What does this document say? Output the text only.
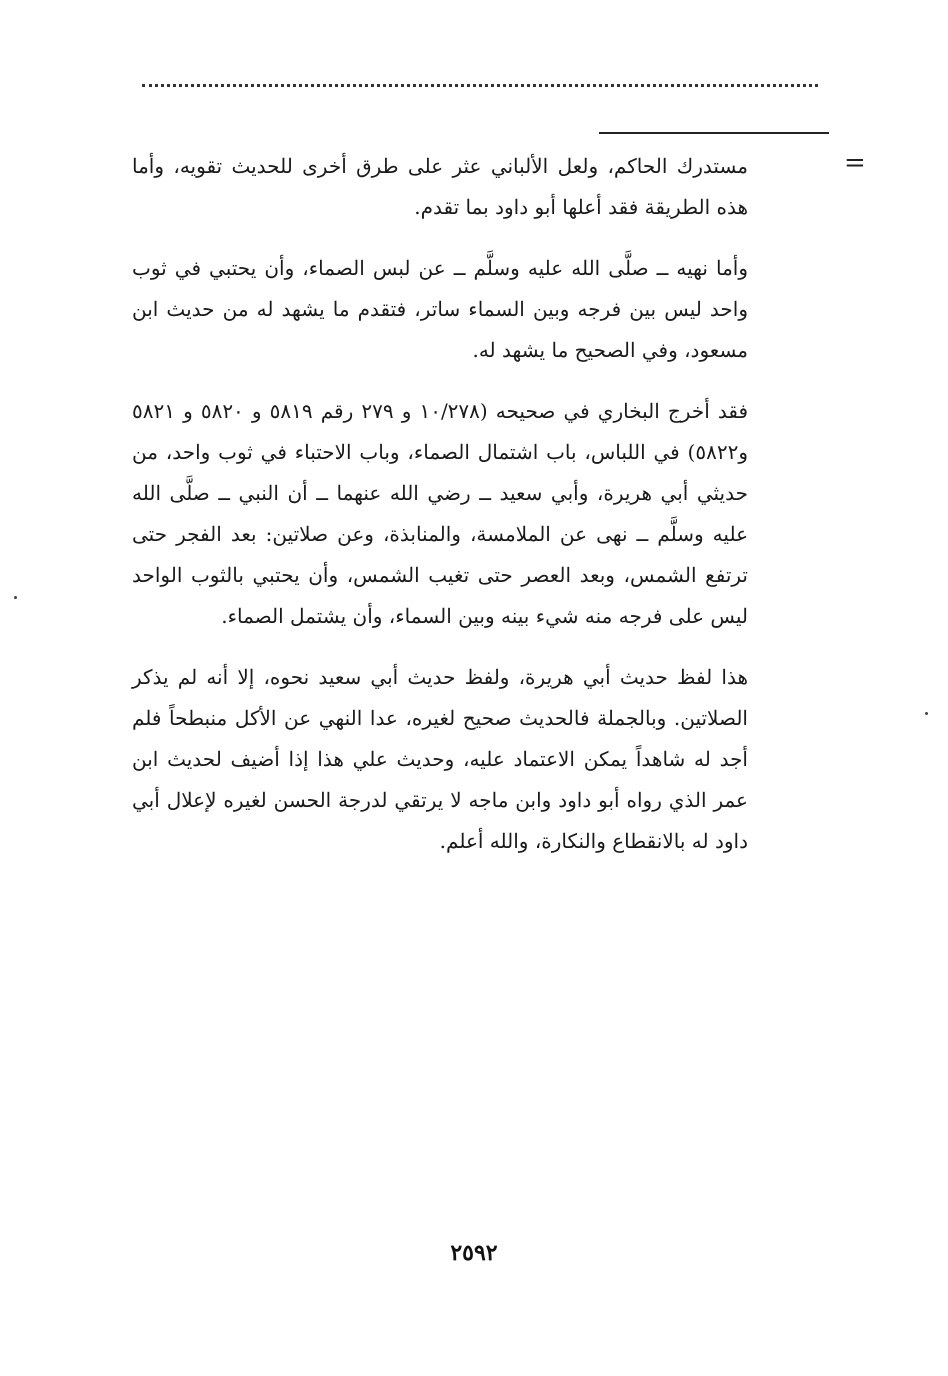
=

مستدرك الحاكم، ولعل الألباني عثر على طرق أخرى للحديث تقويه، وأما هذه الطريقة فقد أعلها أبو داود بما تقدم.

وأما نهيه ــ صلَّى الله عليه وسلَّم ــ عن لبس الصماء، وأن يحتبي في ثوب واحد ليس بين فرجه وبين السماء ساتر، فتقدم ما يشهد له من حديث ابن مسعود، وفي الصحيح ما يشهد له.

فقد أخرج البخاري في صحيحه (١٠/٢٧٨ و ٢٧٩ رقم ٥٨١٩ و ٥٨٢٠ و ٥٨٢١ و٥٨٢٢) في اللباس، باب اشتمال الصماء، وباب الاحتباء في ثوب واحد، من حديثي أبي هريرة، وأبي سعيد ــ رضي الله عنهما ــ أن النبي ــ صلَّى الله عليه وسلَّم ــ نهى عن الملامسة، والمنابذة، وعن صلاتين: بعد الفجر حتى ترتفع الشمس، وبعد العصر حتى تغيب الشمس، وأن يحتبي بالثوب الواحد ليس على فرجه منه شيء بينه وبين السماء، وأن يشتمل الصماء.

هذا لفظ حديث أبي هريرة، ولفظ حديث أبي سعيد نحوه، إلا أنه لم يذكر الصلاتين. وبالجملة فالحديث صحيح لغيره، عدا النهي عن الأكل منبطحاً فلم أجد له شاهداً يمكن الاعتماد عليه، وحديث علي هذا إذا أضيف لحديث ابن عمر الذي رواه أبو داود وابن ماجه لا يرتقي لدرجة الحسن لغيره لإعلال أبي داود له بالانقطاع والنكارة، والله أعلم.

٢٥٩٢
